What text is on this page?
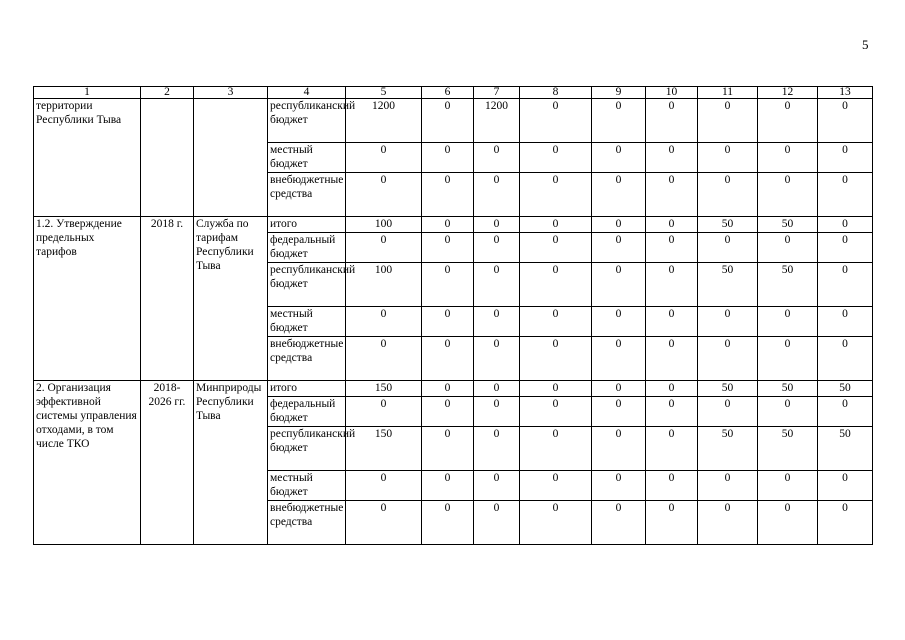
5
1	2	3	4	5	6	7	8	9	10	11	12	13
территории Республики Тыва			республиканский бюджет	1200	0	1200	0	0	0	0	0	0
			местный бюджет	0	0	0	0	0	0	0	0	0
			внебюджетные средства	0	0	0	0	0	0	0	0	0
1.2. Утверждение предельных тарифов	2018 г.	Служба по тарифам Республики Тыва	итого	100	0	0	0	0	0	50	50	0
			федеральный бюджет	0	0	0	0	0	0	0	0	0
			республиканский бюджет	100	0	0	0	0	0	50	50	0
			местный бюджет	0	0	0	0	0	0	0	0	0
			внебюджетные средства	0	0	0	0	0	0	0	0	0
2. Организация эффективной системы управления отходами, в том числе ТКО	2018-2026 гг.	Минприроды Республики Тыва	итого	150	0	0	0	0	0	50	50	50
			федеральный бюджет	0	0	0	0	0	0	0	0	0
			республиканский бюджет	150	0	0	0	0	0	50	50	50
			местный бюджет	0	0	0	0	0	0	0	0	0
			внебюджетные средства	0	0	0	0	0	0	0	0	0
